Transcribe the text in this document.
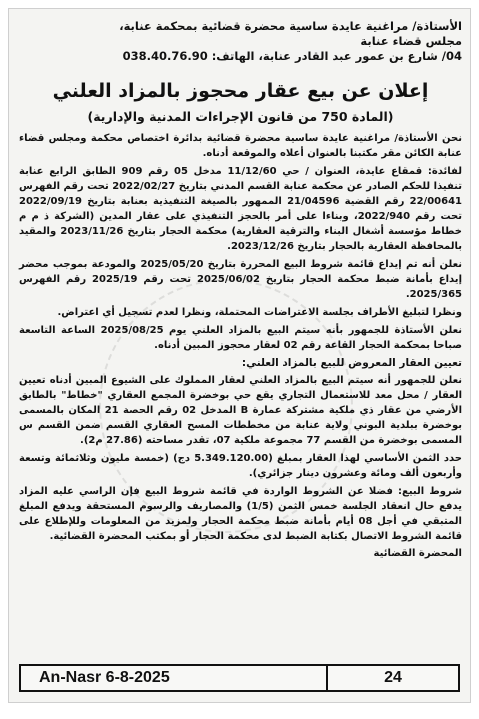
الأستاذة/ مراغنية عايدة ساسية محضرة قضائية بمحكمة عنابة،

مجلس قضاء عنابة

04/ شارع بن عمور عبد القادر عنابة، الهاتف: 038.40.76.90

إعلان عن بيع عقار محجوز بالمزاد العلني
(المادة 750 من قانون الإجراءات المدنية والإدارية)

نحن الأستاذة/ مراغنية عايدة ساسية محضرة قضائية بدائرة اختصاص محكمة ومجلس قضاء عنابة الكائن مقر مكتبنا بالعنوان أعلاه والموقعة أدناه.

لفائدة: قمقاع عايدة، العنوان / حي 11/12/60 مدخل 05 رقم 909 الطابق الرابع عنابة تنفيذا للحكم الصادر عن محكمة عنابة القسم المدني بتاريخ 2022/02/27 تحت رقم الفهرس 22/00641 رقم القضية 21/04596 الممهور بالصيغة التنفيذية بعنابة بتاريخ 2022/09/19 تحت رقم 2022/940، وبناءا على أمر بالحجز التنفيذي على عقار المدين (الشركة ذ م م خطاط مؤسسة أشغال البناء والترقية العقارية) محكمة الحجار بتاريخ 2023/11/26 والمقيد بالمحافظة العقارية بالحجار بتاريخ 2023/12/26.

نعلن أنه تم إيداع قائمة شروط البيع المحررة بتاريخ 2025/05/20 والمودعة بموجب محضر إيداع بأمانة ضبط محكمة الحجار بتاريخ 2025/06/02 تحت رقم 2025/19 رقم الفهرس 2025/365.

ونظرا لتبليغ الأطراف بجلسة الاعتراضات المحتملة، ونظرا لعدم تسجيل أي اعتراض.

نعلن الأستاذة للجمهور بأنه سيتم البيع بالمزاد العلني يوم 2025/08/25 الساعة التاسعة صباحا بمحكمة الحجار القاعة رقم 02 لعقار محجوز المبين أدناه.

تعيين العقار المعروض للبيع بالمزاد العلني:

نعلن للجمهور أنه سيتم البيع بالمزاد العلني لعقار المملوك على الشيوع المبين أدناه تعيين العقار / محل معد للاستعمال التجاري يقع حي بوخضرة المجمع العقاري "خطاط" بالطابق الأرضي من عقار ذي ملكية مشتركة عمارة B المدخل 02 رقم الحصة 21 المكان بالمسمى بوخضرة ببلدية البوني ولاية عنابة من مخططات المسح العقاري القسم ضمن القسم س المسمى بوخضرة من القسم 77 مجموعة ملكية 07، تقدر مساحته (27.86 م2).

حدد الثمن الأساسي لهذا العقار بمبلغ (5.349.120.00 دج) (خمسة مليون وثلاثمائة وتسعة وأربعون ألف ومائة وعشرون دينار جزائري).

شروط البيع: فضلا عن الشروط الواردة في قائمة شروط البيع فإن الراسي عليه المزاد يدفع حال انعقاد الجلسة خمس الثمن (1/5) والمصاريف والرسوم المستحقة ويدفع المبلغ المتبقي في أجل 08 أيام بأمانة ضبط محكمة الحجار ولمزيد من المعلومات وللإطلاع على قائمة الشروط الاتصال بكتابة الضبط لدى محكمة الحجار أو بمكتب المحضرة القضائية.

المحضرة القضائية
An-Nasr 6-8-2025	24
